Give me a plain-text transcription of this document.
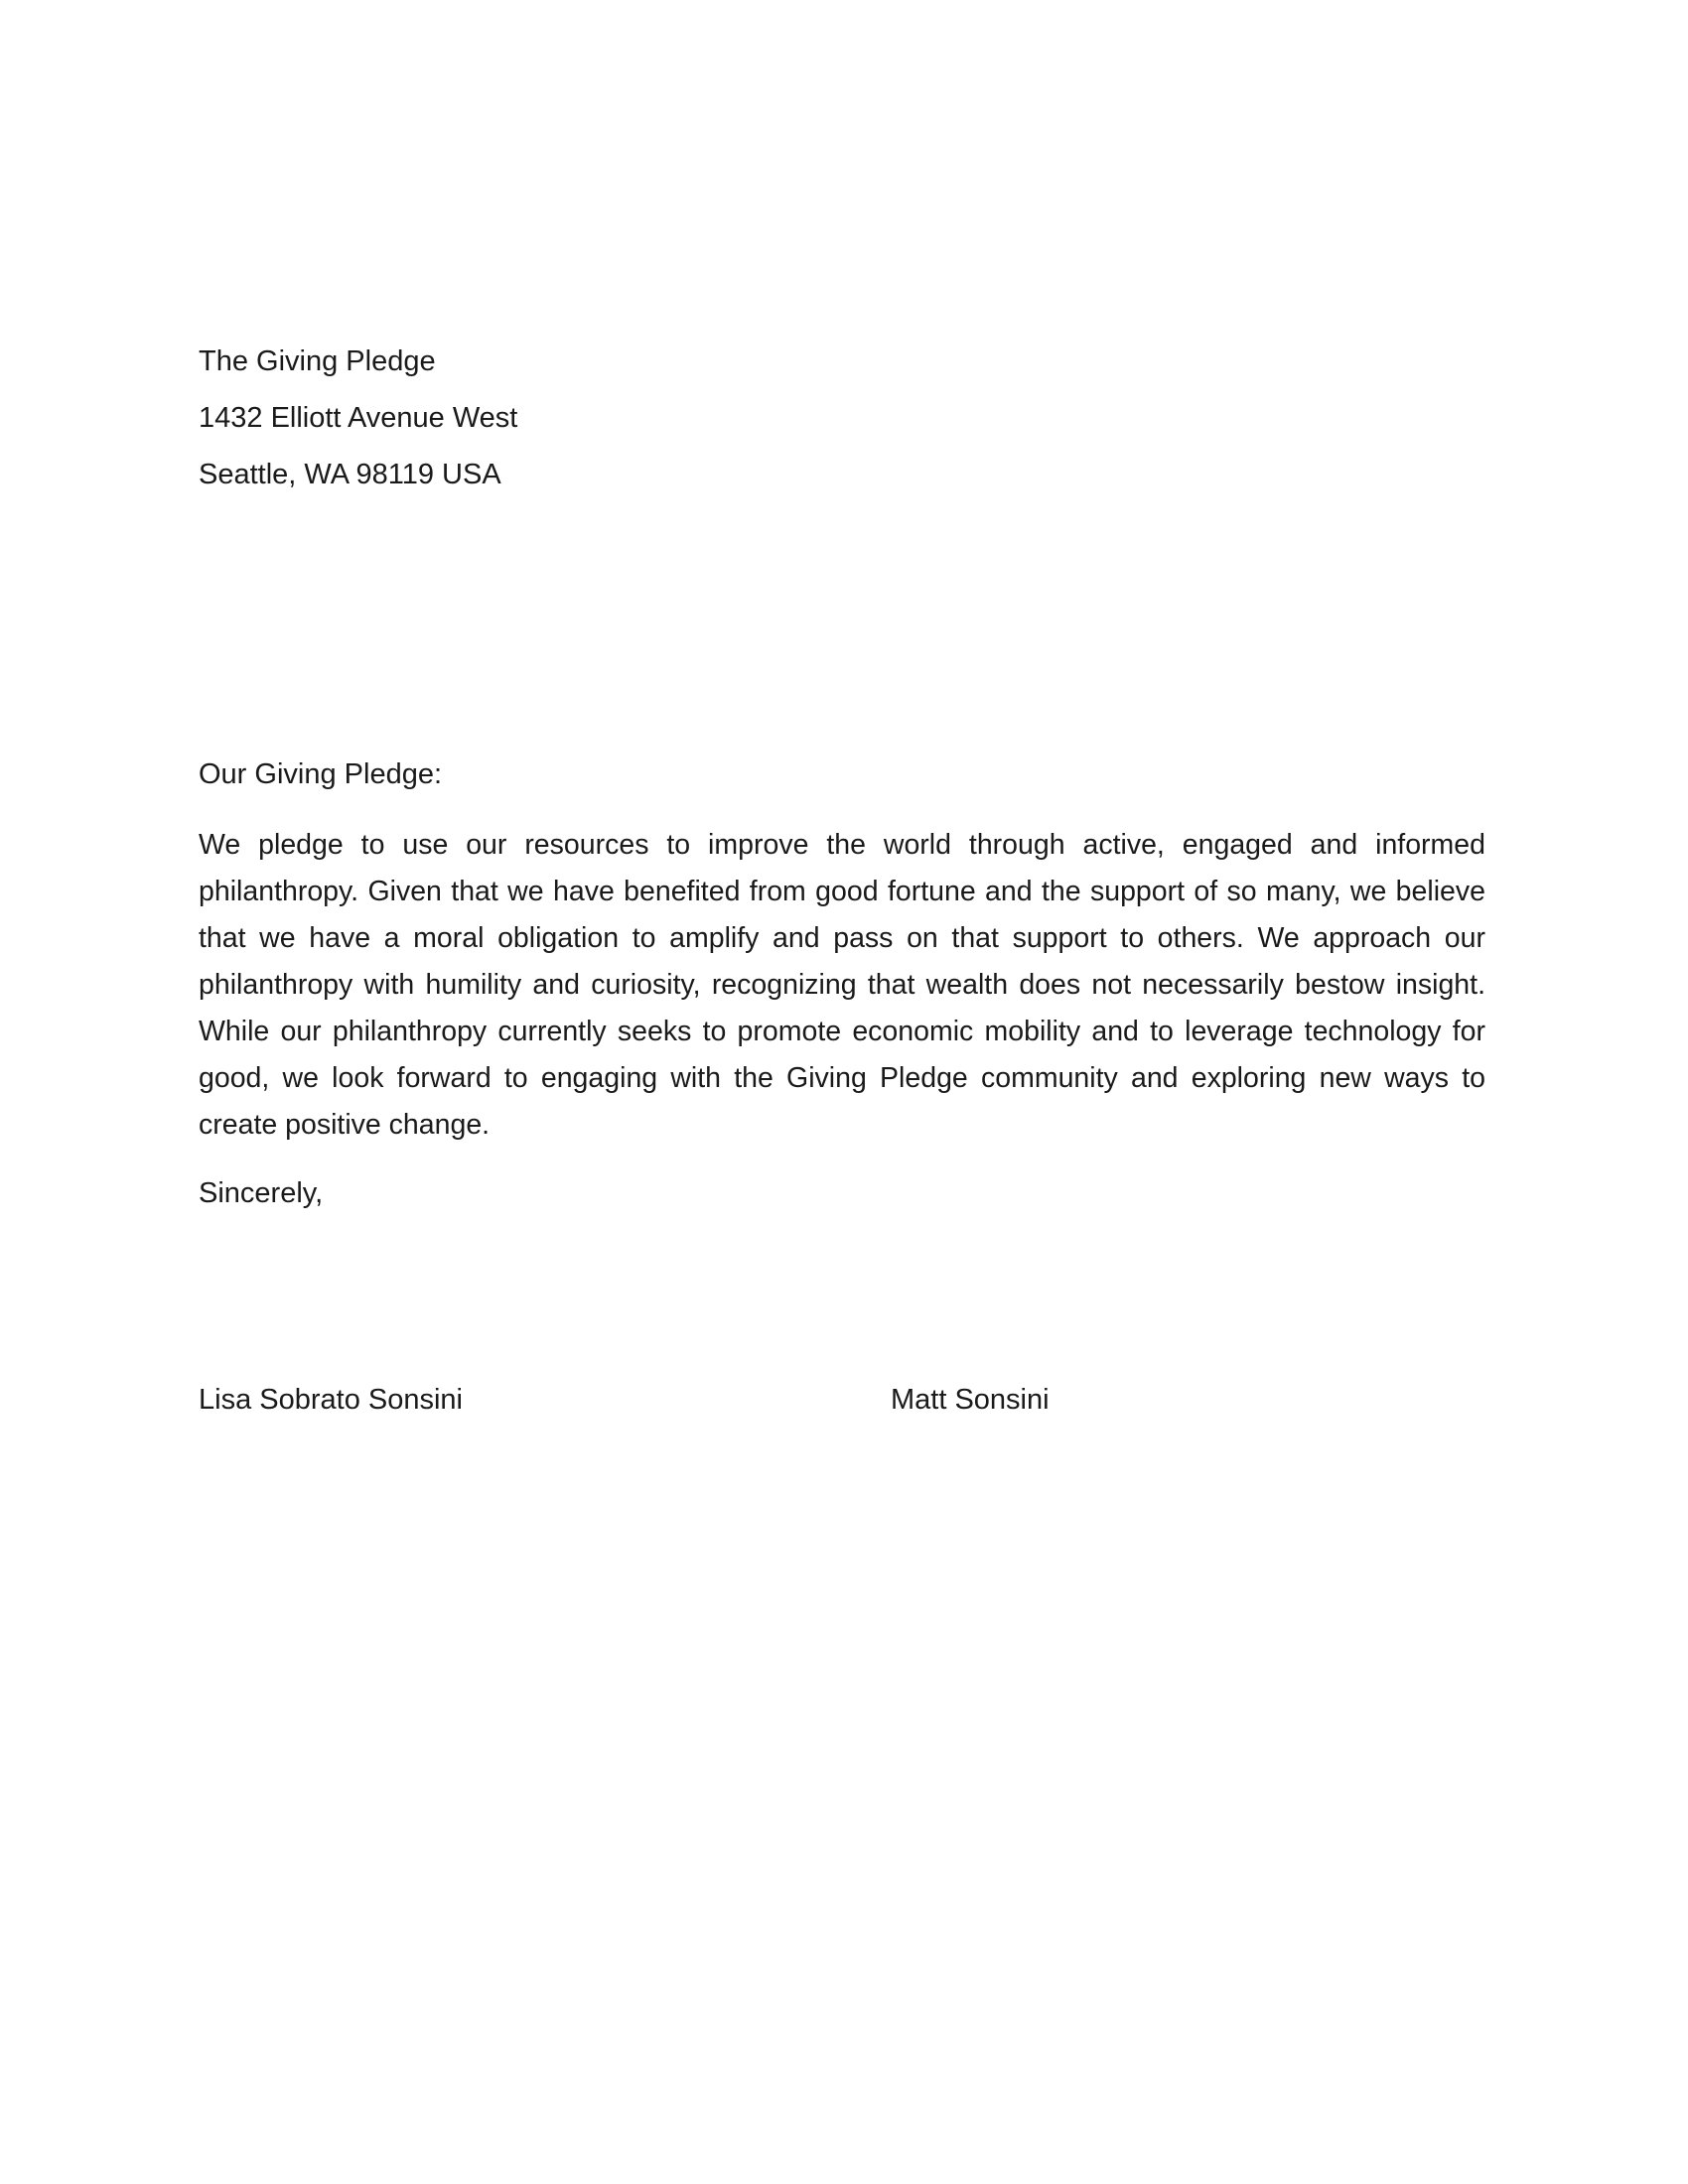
The Giving Pledge
1432 Elliott Avenue West
Seattle, WA 98119 USA
Our Giving Pledge:

We pledge to use our resources to improve the world through active, engaged and informed philanthropy. Given that we have benefited from good fortune and the support of so many, we believe that we have a moral obligation to amplify and pass on that support to others. We approach our philanthropy with humility and curiosity, recognizing that wealth does not necessarily bestow insight. While our philanthropy currently seeks to promote economic mobility and to leverage technology for good, we look forward to engaging with the Giving Pledge community and exploring new ways to create positive change.

Sincerely,
Lisa Sobrato Sonsini	Matt Sonsini
